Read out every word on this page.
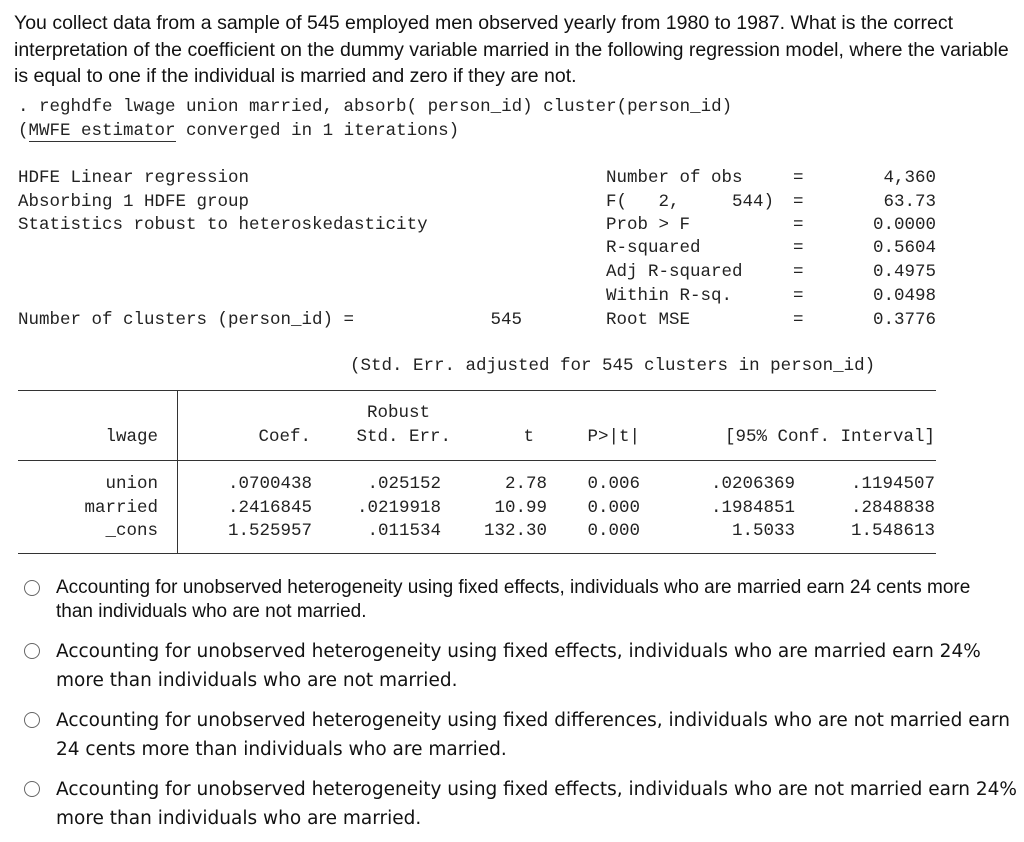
You collect data from a sample of 545 employed men observed yearly from 1980 to 1987. What is the correct interpretation of the coefficient on the dummy variable married in the following regression model, where the variable is equal to one if the individual is married and zero if they are not.
. reghdfe lwage union married, absorb( person_id) cluster(person_id)
(MWFE estimator converged in 1 iterations)
HDFE Linear regression
Absorbing 1 HDFE group
Statistics robust to heteroskedasticity
Number of obs	=	4,360
F(   2,     544) =	63.73
Prob > F	=	0.0000
R-squared	=	0.5604
Adj R-squared	=	0.4975
Within R-sq.	=	0.0498
Number of clusters (person_id) =	545	Root MSE	=	0.3776
(Std. Err. adjusted for 545 clusters in person_id)
Robust
lwage	Coef.	Std. Err.	t	P>|t|	[95% Conf. Interval]
union	.0700438	.025152	2.78	0.006	.0206369	.1194507
married	.2416845	.0219918	10.99	0.000	.1984851	.2848838
_cons	1.525957	.011534	132.30	0.000	1.5033	1.548613
Accounting for unobserved heterogeneity using fixed effects, individuals who are married earn 24 cents more than individuals who are not married.
Accounting for unobserved heterogeneity using fixed effects, individuals who are married earn 24% more than individuals who are not married.
Accounting for unobserved heterogeneity using fixed differences, individuals who are not married earn 24 cents more than individuals who are married.
Accounting for unobserved heterogeneity using fixed effects, individuals who are not married earn 24% more than individuals who are married.
